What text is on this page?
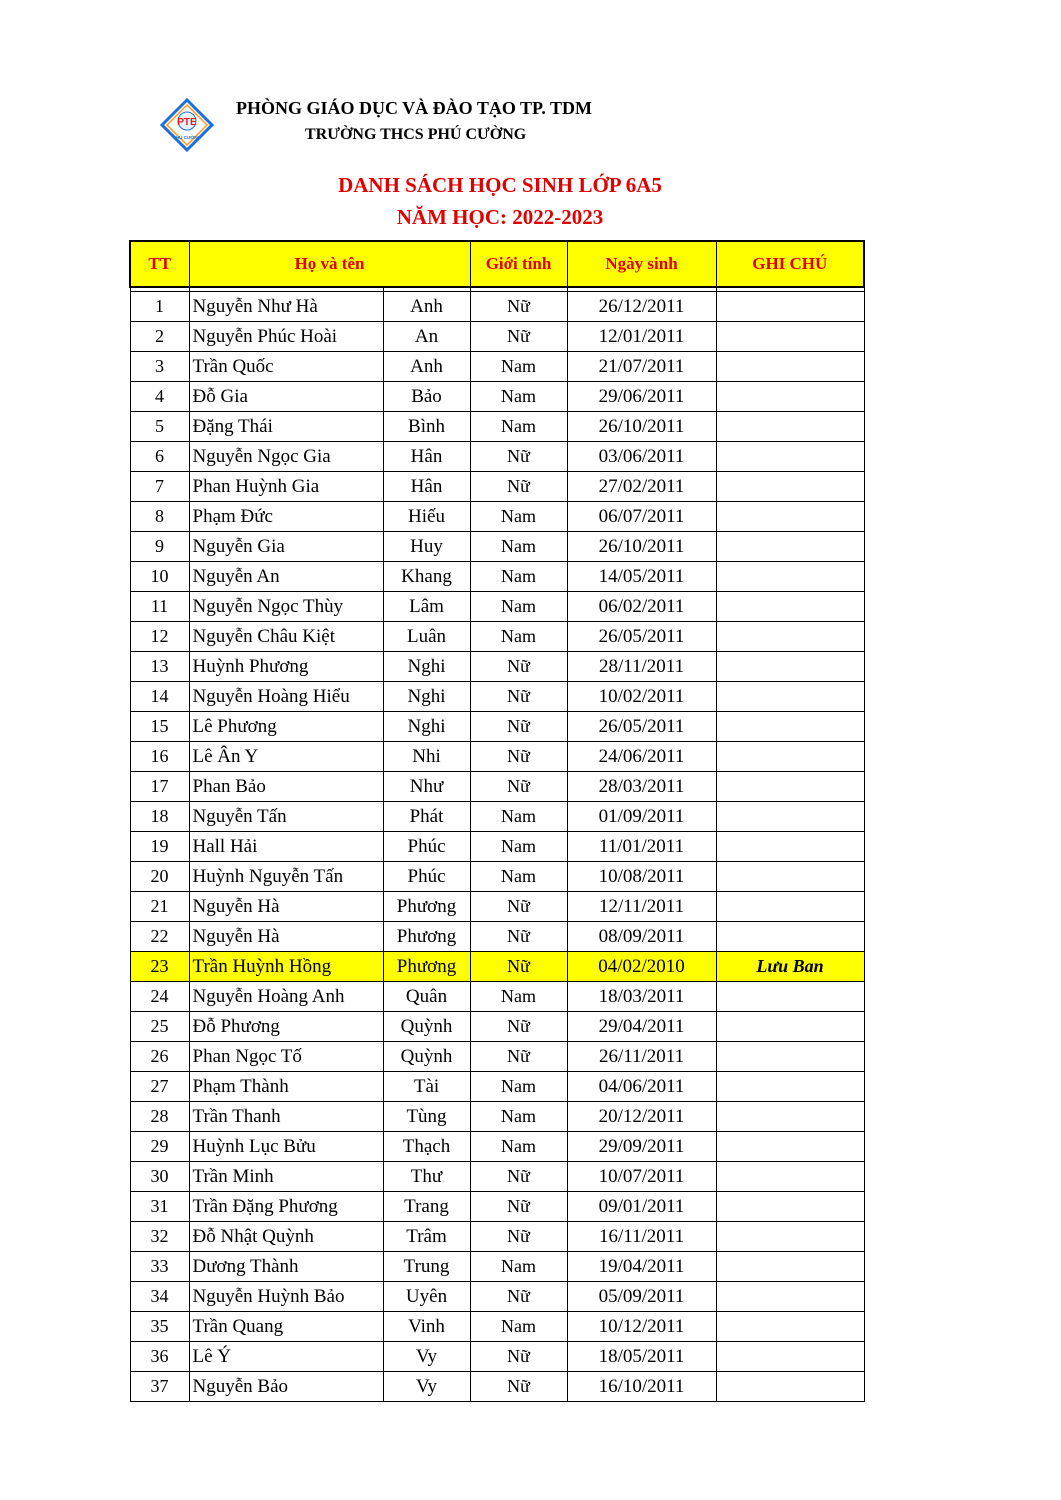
PTE
PHÚ CƯỜNG
PHÒNG GIÁO DỤC VÀ ĐÀO TẠO TP. TDM
TRƯỜNG THCS PHÚ CƯỜNG
DANH SÁCH HỌC SINH LỚP 6A5
NĂM HỌC: 2022-2023
TT	Họ và tên		Giới tính	Ngày sinh	GHI CHÚ

1	Nguyễn Như Hà	Anh	Nữ	26/12/2011	
2	Nguyễn Phúc Hoài	An	Nữ	12/01/2011	
3	Trần Quốc	Anh	Nam	21/07/2011	
4	Đỗ Gia	Bảo	Nam	29/06/2011	
5	Đặng Thái	Bình	Nam	26/10/2011	
6	Nguyễn Ngọc Gia	Hân	Nữ	03/06/2011	
7	Phan Huỳnh Gia	Hân	Nữ	27/02/2011	
8	Phạm Đức	Hiếu	Nam	06/07/2011	
9	Nguyễn Gia	Huy	Nam	26/10/2011	
10	Nguyễn An	Khang	Nam	14/05/2011	
11	Nguyễn Ngọc Thùy	Lâm	Nam	06/02/2011	
12	Nguyễn Châu Kiệt	Luân	Nam	26/05/2011	
13	Huỳnh Phương	Nghi	Nữ	28/11/2011	
14	Nguyễn Hoàng Hiểu	Nghi	Nữ	10/02/2011	
15	Lê Phương	Nghi	Nữ	26/05/2011	
16	Lê Ân Y	Nhi	Nữ	24/06/2011	
17	Phan Bảo	Như	Nữ	28/03/2011	
18	Nguyễn Tấn	Phát	Nam	01/09/2011	
19	Hall Hải	Phúc	Nam	11/01/2011	
20	Huỳnh Nguyễn Tấn	Phúc	Nam	10/08/2011	
21	Nguyễn Hà	Phương	Nữ	12/11/2011	
22	Nguyễn Hà	Phương	Nữ	08/09/2011	
23	Trần Huỳnh Hồng	Phương	Nữ	04/02/2010	Lưu Ban
24	Nguyễn Hoàng Anh	Quân	Nam	18/03/2011	
25	Đỗ Phương	Quỳnh	Nữ	29/04/2011	
26	Phan Ngọc Tố	Quỳnh	Nữ	26/11/2011	
27	Phạm Thành	Tài	Nam	04/06/2011	
28	Trần Thanh	Tùng	Nam	20/12/2011	
29	Huỳnh Lục Bửu	Thạch	Nam	29/09/2011	
30	Trần Minh	Thư	Nữ	10/07/2011	
31	Trần Đặng Phương	Trang	Nữ	09/01/2011	
32	Đỗ Nhật Quỳnh	Trâm	Nữ	16/11/2011	
33	Dương Thành	Trung	Nam	19/04/2011	
34	Nguyễn Huỳnh Bảo	Uyên	Nữ	05/09/2011	
35	Trần Quang	Vinh	Nam	10/12/2011	
36	Lê Ý	Vy	Nữ	18/05/2011	
37	Nguyễn Bảo	Vy	Nữ	16/10/2011	
